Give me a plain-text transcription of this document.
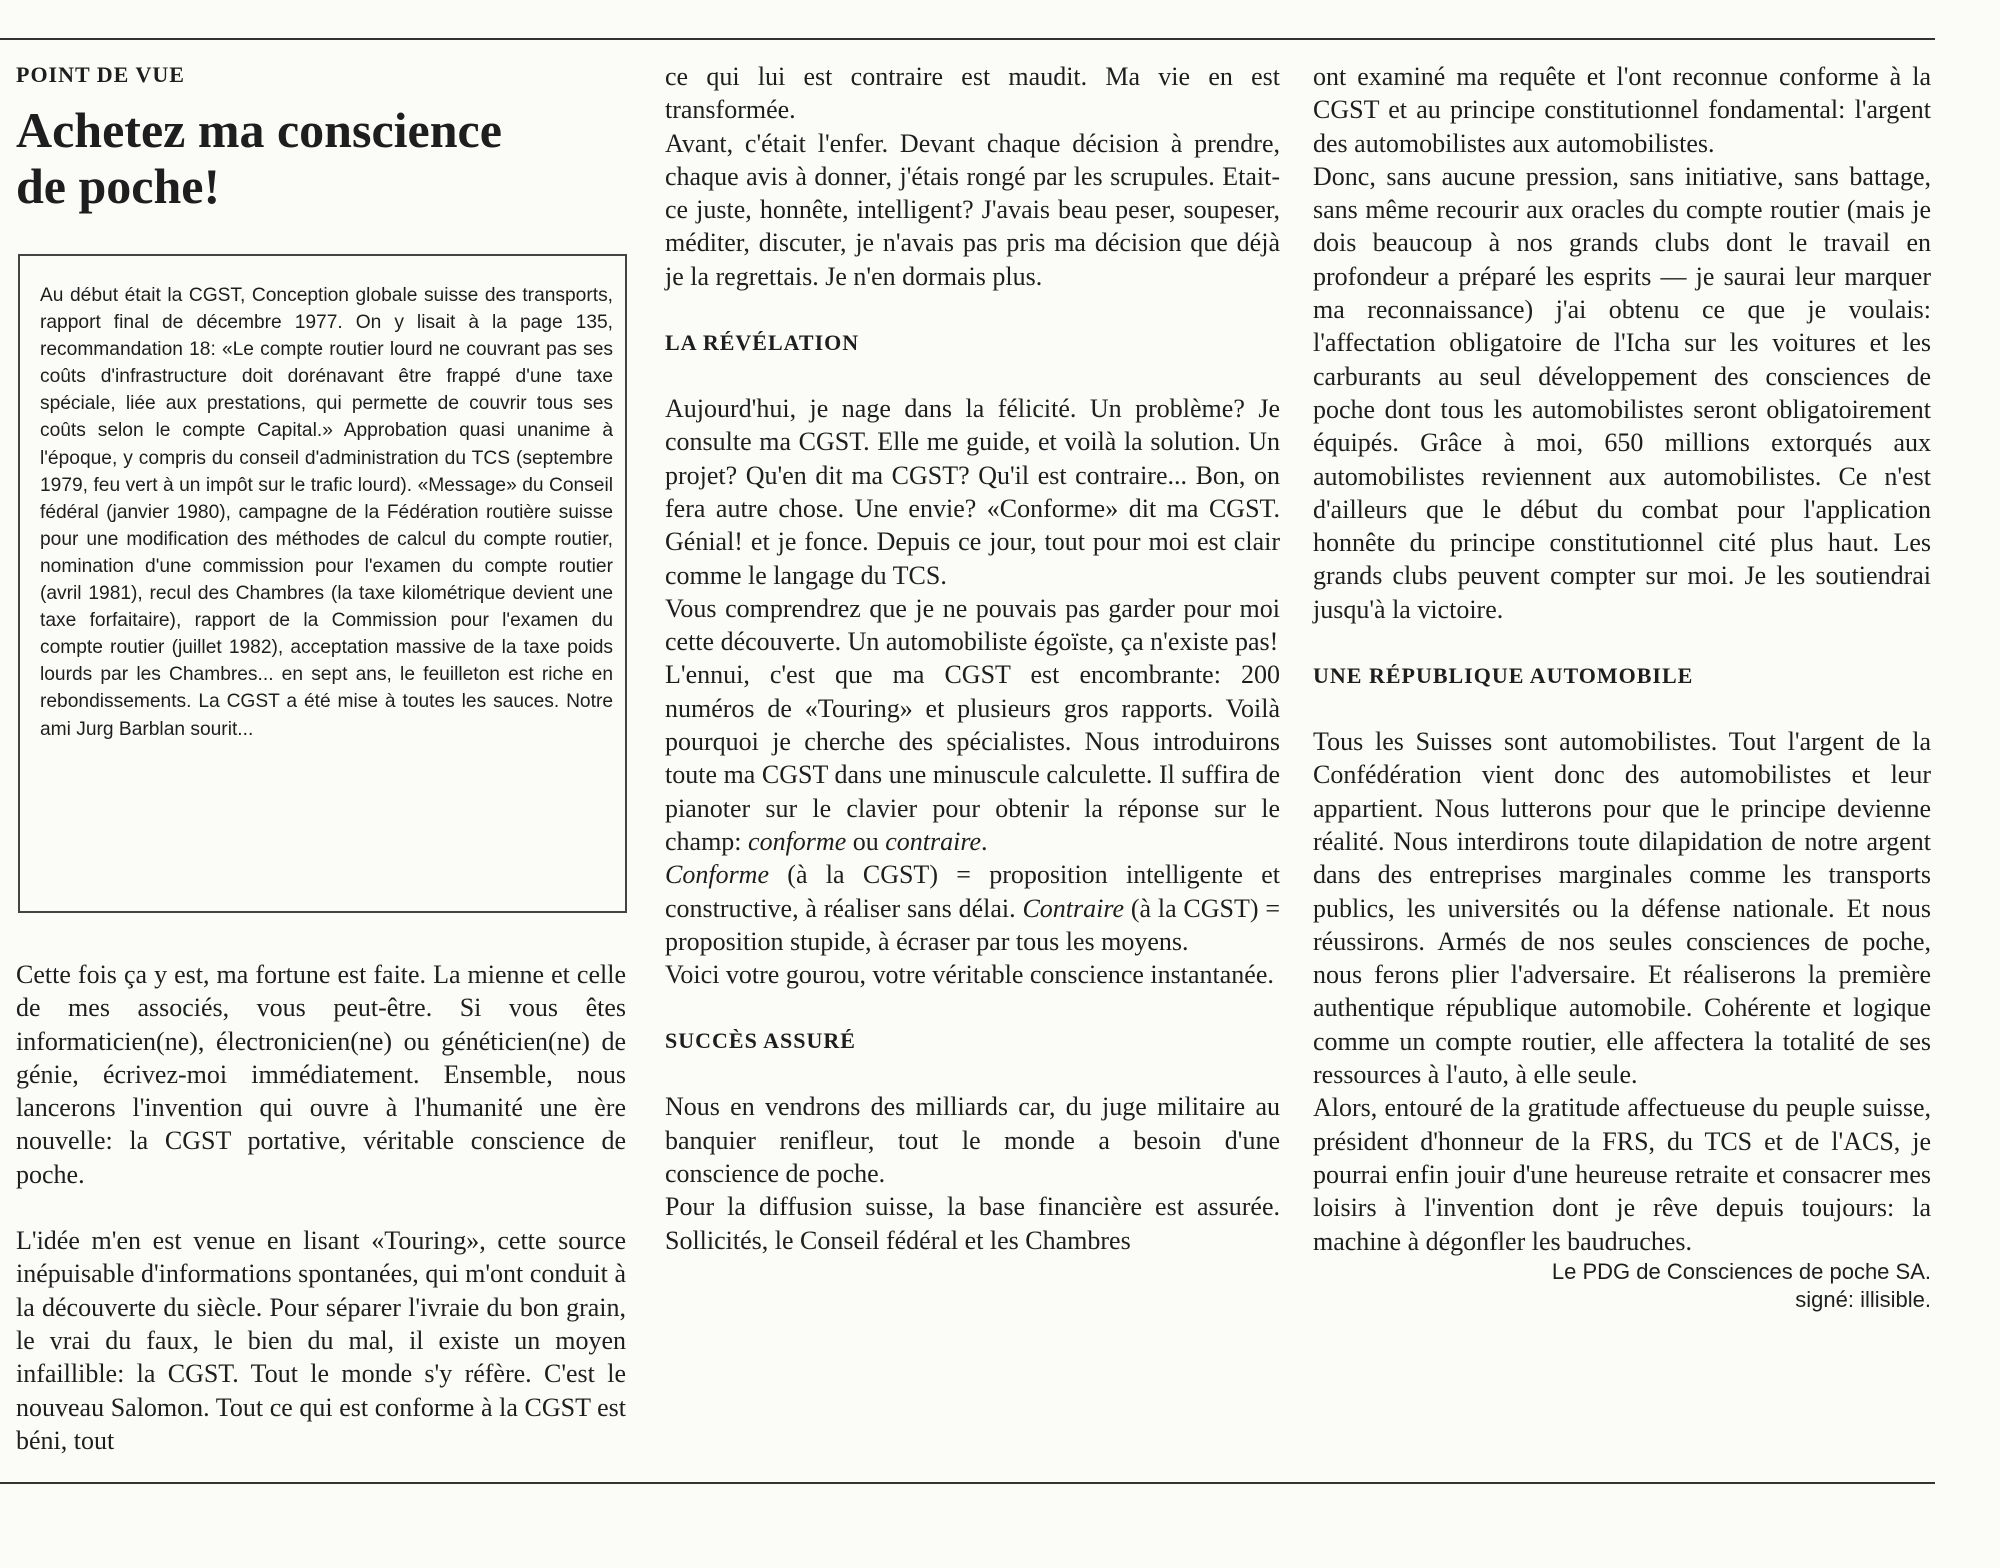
POINT DE VUE

Achetez ma conscience
de poche!

Au début était la CGST, Conception globale suisse des transports, rapport final de décembre 1977. On y lisait à la page 135, recommandation 18: «Le compte routier lourd ne couvrant pas ses coûts d'infrastructure doit dorénavant être frappé d'une taxe spéciale, liée aux prestations, qui permette de couvrir tous ses coûts selon le compte Capital.» Approbation quasi unanime à l'époque, y compris du conseil d'administration du TCS (septembre 1979, feu vert à un impôt sur le trafic lourd). «Message» du Conseil fédéral (janvier 1980), campagne de la Fédération routière suisse pour une modification des méthodes de calcul du compte routier, nomination d'une commission pour l'examen du compte routier (avril 1981), recul des Chambres (la taxe kilométrique devient une taxe forfaitaire), rapport de la Commission pour l'examen du compte routier (juillet 1982), acceptation massive de la taxe poids lourds par les Chambres... en sept ans, le feuilleton est riche en rebondissements. La CGST a été mise à toutes les sauces. Notre ami Jurg Barblan sourit...

Cette fois ça y est, ma fortune est faite. La mienne et celle de mes associés, vous peut-être. Si vous êtes informaticien(ne), électronicien(ne) ou généticien(ne) de génie, écrivez-moi immédiatement. Ensemble, nous lancerons l'invention qui ouvre à l'humanité une ère nouvelle: la CGST portative, véritable conscience de poche.

L'idée m'en est venue en lisant «Touring», cette source inépuisable d'informations spontanées, qui m'ont conduit à la découverte du siècle. Pour séparer l'ivraie du bon grain, le vrai du faux, le bien du mal, il existe un moyen infaillible: la CGST. Tout le monde s'y réfère. C'est le nouveau Salomon. Tout ce qui est conforme à la CGST est béni, tout

ce qui lui est contraire est maudit. Ma vie en est transformée.

Avant, c'était l'enfer. Devant chaque décision à prendre, chaque avis à donner, j'étais rongé par les scrupules. Etait-ce juste, honnête, intelligent? J'avais beau peser, soupeser, méditer, discuter, je n'avais pas pris ma décision que déjà je la regrettais. Je n'en dormais plus.

LA RÉVÉLATION

Aujourd'hui, je nage dans la félicité. Un problème? Je consulte ma CGST. Elle me guide, et voilà la solution. Un projet? Qu'en dit ma CGST? Qu'il est contraire... Bon, on fera autre chose. Une envie? «Conforme» dit ma CGST. Génial! et je fonce. Depuis ce jour, tout pour moi est clair comme le langage du TCS.

Vous comprendrez que je ne pouvais pas garder pour moi cette découverte. Un automobiliste égoïste, ça n'existe pas!

L'ennui, c'est que ma CGST est encombrante: 200 numéros de «Touring» et plusieurs gros rapports. Voilà pourquoi je cherche des spécialistes. Nous introduirons toute ma CGST dans une minuscule calculette. Il suffira de pianoter sur le clavier pour obtenir la réponse sur le champ: conforme ou contraire.

Conforme (à la CGST) = proposition intelligente et constructive, à réaliser sans délai. Contraire (à la CGST) = proposition stupide, à écraser par tous les moyens.

Voici votre gourou, votre véritable conscience instantanée.

SUCCÈS ASSURÉ

Nous en vendrons des milliards car, du juge militaire au banquier renifleur, tout le monde a besoin d'une conscience de poche.

Pour la diffusion suisse, la base financière est assurée. Sollicités, le Conseil fédéral et les Chambres

ont examiné ma requête et l'ont reconnue conforme à la CGST et au principe constitutionnel fondamental: l'argent des automobilistes aux automobilistes.

Donc, sans aucune pression, sans initiative, sans battage, sans même recourir aux oracles du compte routier (mais je dois beaucoup à nos grands clubs dont le travail en profondeur a préparé les esprits — je saurai leur marquer ma reconnaissance) j'ai obtenu ce que je voulais: l'affectation obligatoire de l'Icha sur les voitures et les carburants au seul développement des consciences de poche dont tous les automobilistes seront obligatoirement équipés. Grâce à moi, 650 millions extorqués aux automobilistes reviennent aux automobilistes. Ce n'est d'ailleurs que le début du combat pour l'application honnête du principe constitutionnel cité plus haut. Les grands clubs peuvent compter sur moi. Je les soutiendrai jusqu'à la victoire.

UNE RÉPUBLIQUE AUTOMOBILE

Tous les Suisses sont automobilistes. Tout l'argent de la Confédération vient donc des automobilistes et leur appartient. Nous lutterons pour que le principe devienne réalité. Nous interdirons toute dilapidation de notre argent dans des entreprises marginales comme les transports publics, les universités ou la défense nationale. Et nous réussirons. Armés de nos seules consciences de poche, nous ferons plier l'adversaire. Et réaliserons la première authentique république automobile. Cohérente et logique comme un compte routier, elle affectera la totalité de ses ressources à l'auto, à elle seule.

Alors, entouré de la gratitude affectueuse du peuple suisse, président d'honneur de la FRS, du TCS et de l'ACS, je pourrai enfin jouir d'une heureuse retraite et consacrer mes loisirs à l'invention dont je rêve depuis toujours: la machine à dégonfler les baudruches.

Le PDG de Consciences de poche SA.
signé: illisible.
